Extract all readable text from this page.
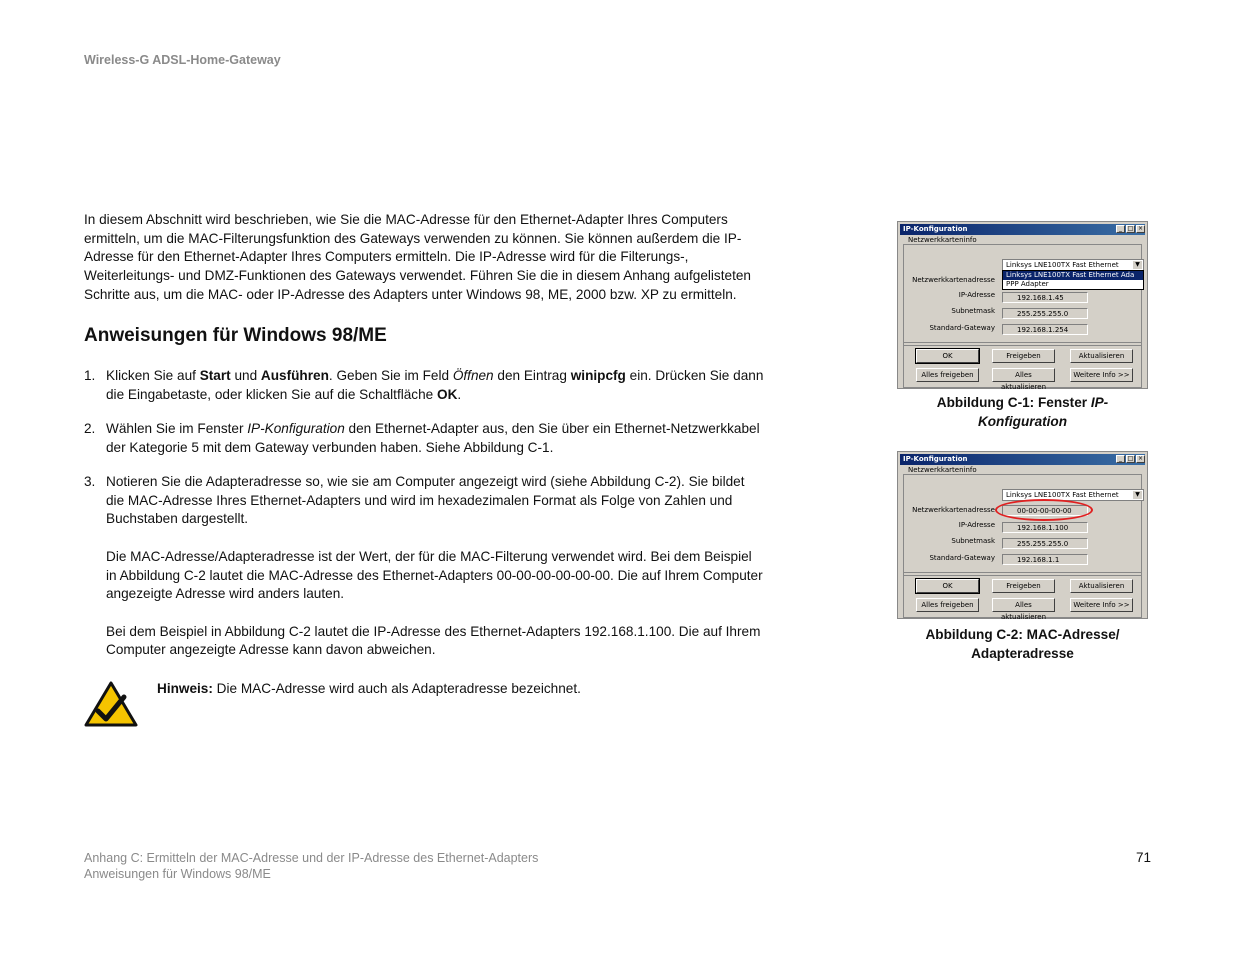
Wireless-G ADSL-Home-Gateway

In diesem Abschnitt wird beschrieben, wie Sie die MAC-Adresse für den Ethernet-Adapter Ihres Computers ermitteln, um die MAC-Filterungsfunktion des Gateways verwenden zu können. Sie können außerdem die IP-Adresse für den Ethernet-Adapter Ihres Computers ermitteln. Die IP-Adresse wird für die Filterungs-, Weiterleitungs- und DMZ-Funktionen des Gateways verwendet. Führen Sie die in diesem Anhang aufgelisteten Schritte aus, um die MAC- oder IP-Adresse des Adapters unter Windows 98, ME, 2000 bzw. XP zu ermitteln.

Anweisungen für Windows 98/ME
1. Klicken Sie auf Start und Ausführen. Geben Sie im Feld Öffnen den Eintrag winipcfg ein. Drücken Sie dann die Eingabetaste, oder klicken Sie auf die Schaltfläche OK.
2. Wählen Sie im Fenster IP-Konfiguration den Ethernet-Adapter aus, den Sie über ein Ethernet-Netzwerkkabel der Kategorie 5 mit dem Gateway verbunden haben. Siehe Abbildung C-1.
3. Notieren Sie die Adapteradresse so, wie sie am Computer angezeigt wird (siehe Abbildung C-2). Sie bildet die MAC-Adresse Ihres Ethernet-Adapters und wird im hexadezimalen Format als Folge von Zahlen und Buchstaben dargestellt.
Die MAC-Adresse/Adapteradresse ist der Wert, der für die MAC-Filterung verwendet wird. Bei dem Beispiel in Abbildung C-2 lautet die MAC-Adresse des Ethernet-Adapters 00-00-00-00-00-00. Die auf Ihrem Computer angezeigte Adresse wird anders lauten.
Bei dem Beispiel in Abbildung C-2 lautet die IP-Adresse des Ethernet-Adapters 192.168.1.100. Die auf Ihrem Computer angezeigte Adresse kann davon abweichen.
Hinweis: Die MAC-Adresse wird auch als Adapteradresse bezeichnet.
IP-Konfiguration	_ □ ×
Netzwerkkarteninfo
Linksys LNE100TX Fast Ethernet	▼
Linksys LNE100TX Fast Ethernet Ada
PPP Adapter
Netzwerkkartenadresse
IP-Adresse	192.168.1.45
Subnetmask	255.255.255.0
Standard-Gateway	192.168.1.254
OK	Freigeben	Aktualisieren
Alles freigeben	Alles aktualisieren
Weitere Info >>
Abbildung C-1: Fenster IP-Konfiguration
IP-Konfiguration	_ □ ×
Netzwerkkarteninfo
Linksys LNE100TX Fast Ethernet	▼
Netzwerkkartenadresse	00-00-00-00-00
IP-Adresse	192.168.1.100
Subnetmask	255.255.255.0
Standard-Gateway	192.168.1.1
OK	Freigeben	Aktualisieren
Alles freigeben	Alles aktualisieren
Weitere Info >>
Abbildung C-2: MAC-Adresse/ Adapteradresse
Anhang C: Ermitteln der MAC-Adresse und der IP-Adresse des Ethernet-Adapters
Anweisungen für Windows 98/ME
71
